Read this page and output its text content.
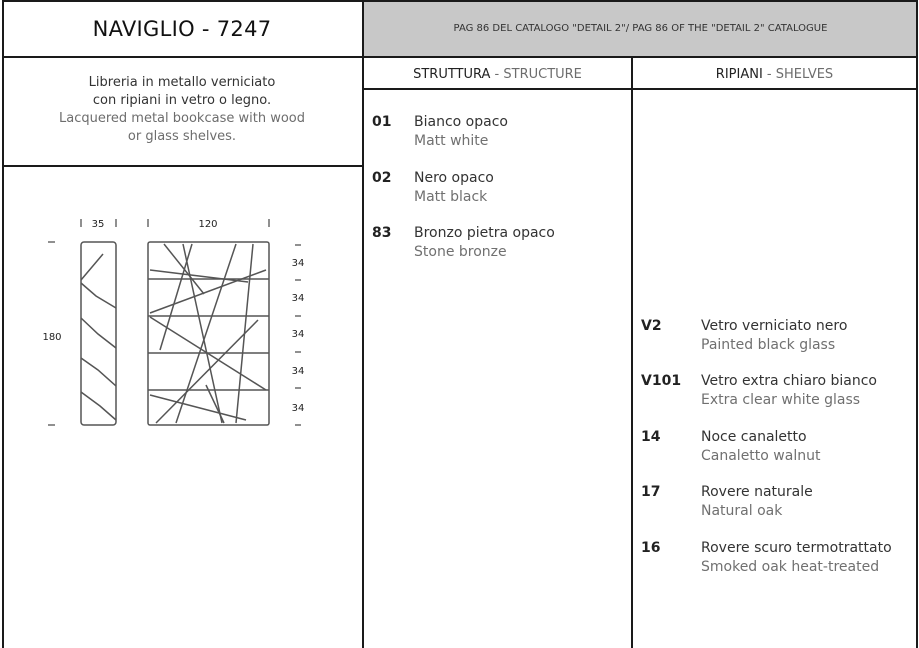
NAVIGLIO - 7247	PAG 86 DEL CATALOGO "DETAIL 2"/ PAG 86 OF THE "DETAIL 2" CATALOGUE
Libreria in metallo verniciato
con ripiani in vetro o legno.
Lacquered metal bookcase with wood
or glass shelves.
35	120
180
34
34
34
34
34
STRUTTURA - STRUCTURE	RIPIANI - SHELVES
01 Bianco opaco
Matt white
02 Nero opaco
Matt black
83 Bronzo pietra opaco
Stone bronze
V2	Vetro verniciato nero
Painted black glass
V101 Vetro extra chiaro bianco
Extra clear white glass
14	Noce canaletto
Canaletto walnut
17	Rovere naturale
Natural oak
16	Rovere scuro termotrattato
Smoked oak heat-treated
